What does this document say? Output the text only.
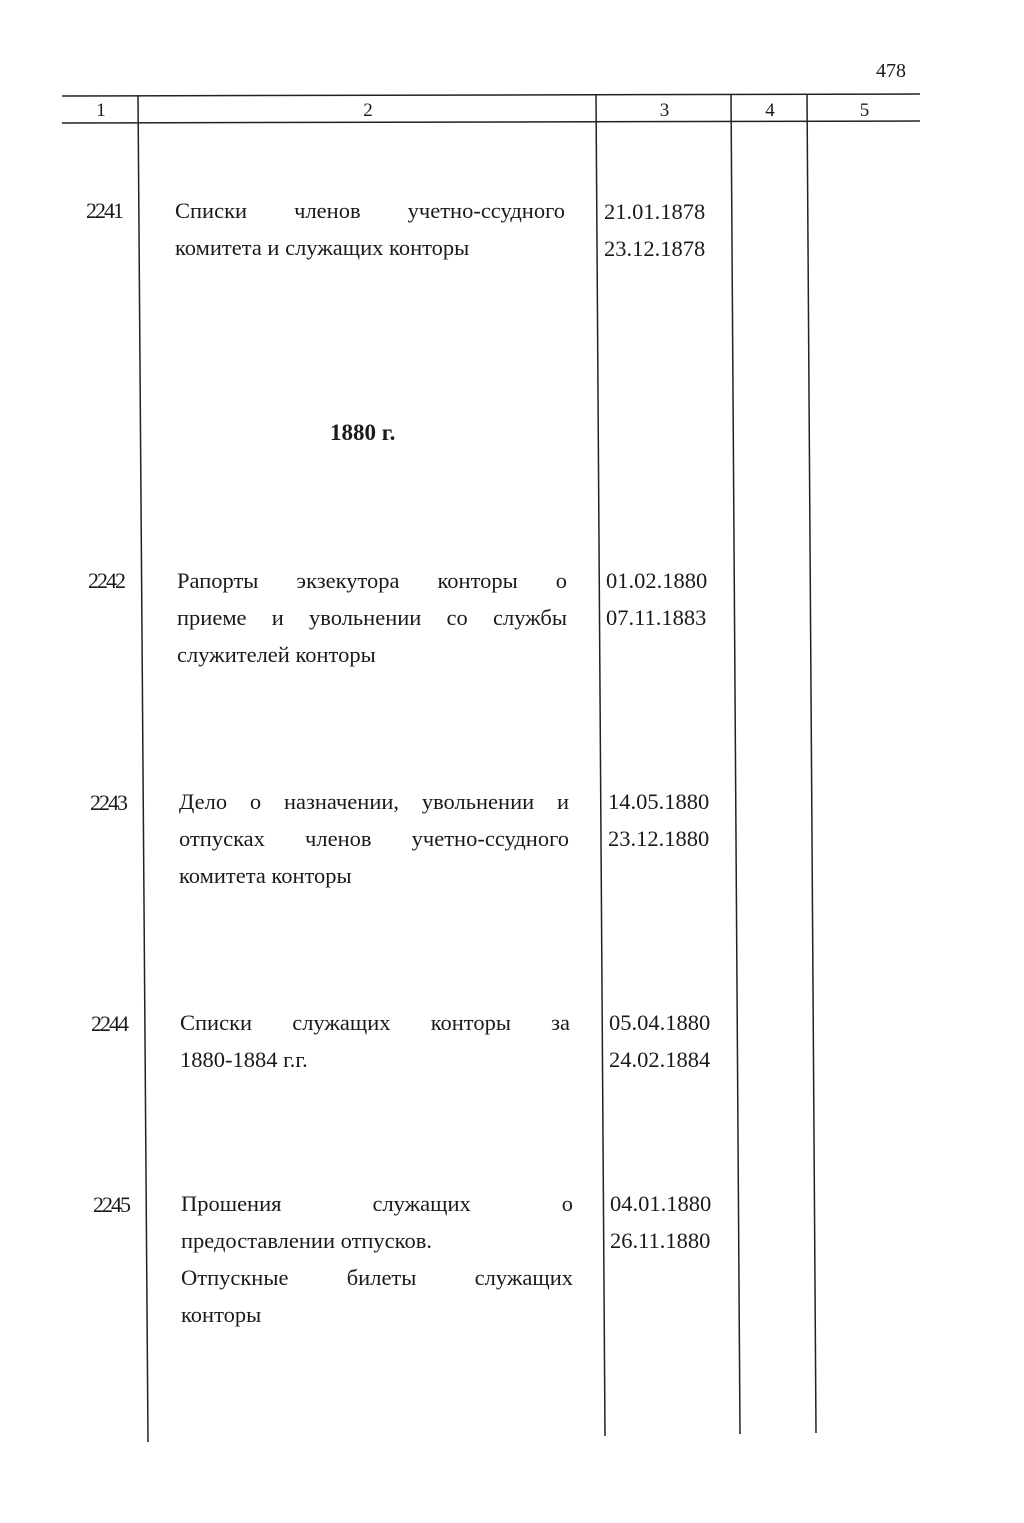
478
1	2	3	4	5
2241 Списки членов учетно-ссудного
комитета и служащих конторы
21.01.1878
23.12.1878
1880 г.
2242 Рапорты экзекутора конторы о
приеме и увольнении со службы
служителей конторы
01.02.1880
07.11.1883
2243 Дело о назначении, увольнении и
отпусках членов учетно-ссудного
комитета конторы
14.05.1880
23.12.1880
2244 Списки служащих конторы за
1880-1884 г.г.
05.04.1880
24.02.1884
2245 Прошения служащих о
предоставлении отпусков.
Отпускные билеты служащих
конторы
04.01.1880
26.11.1880
